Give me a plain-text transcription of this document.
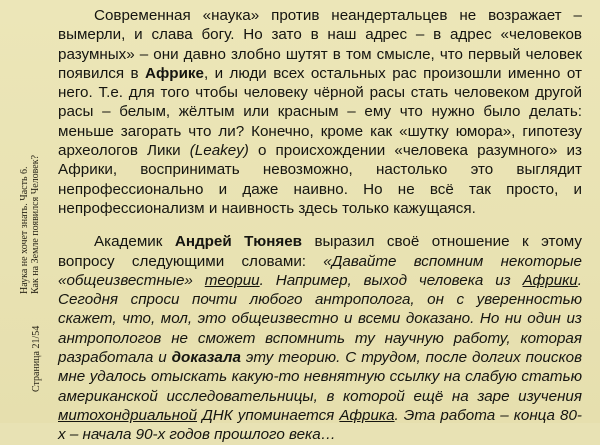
Наука не хочет знать. Часть 6. Как на Земле появился Человек?
Страница 21/54

Современная «наука» против неандертальцев не возражает – вымерли, и слава богу. Но зато в наш адрес – в адрес «человеков разумных» – они давно злобно шутят в том смысле, что первый человек появился в Африке, и люди всех остальных рас произошли именно от него. Т.е. для того чтобы человеку чёрной расы стать человеком другой расы – белым, жёлтым или красным – ему что нужно было делать: меньше загорать что ли? Конечно, кроме как «шутку юмора», гипотезу археологов Лики (Leakey) о происхождении «человека разумного» из Африки, воспринимать невозможно, настолько это выглядит непрофессионально и даже наивно. Но не всё так просто, и непрофессионализм и наивность здесь только кажущаяся.

Академик Андрей Тюняев выразил своё отношение к этому вопросу следующими словами: «Давайте вспомним некоторые «общеизвестные» теории. Например, выход человека из Африки. Сегодня спроси почти любого антрополога, он с уверенностью скажет, что, мол, это общеизвестно и всеми доказано. Но ни один из антропологов не сможет вспомнить ту научную работу, которая разработала и доказала эту теорию. С трудом, после долгих поисков мне удалось отыскать какую-то невнятную ссылку на слабую статью американской исследовательницы, в которой ещё на заре изучения митохондриальной ДНК упоминается Африка. Эта работа – конца 80-х – начала 90-х годов прошлого века…
